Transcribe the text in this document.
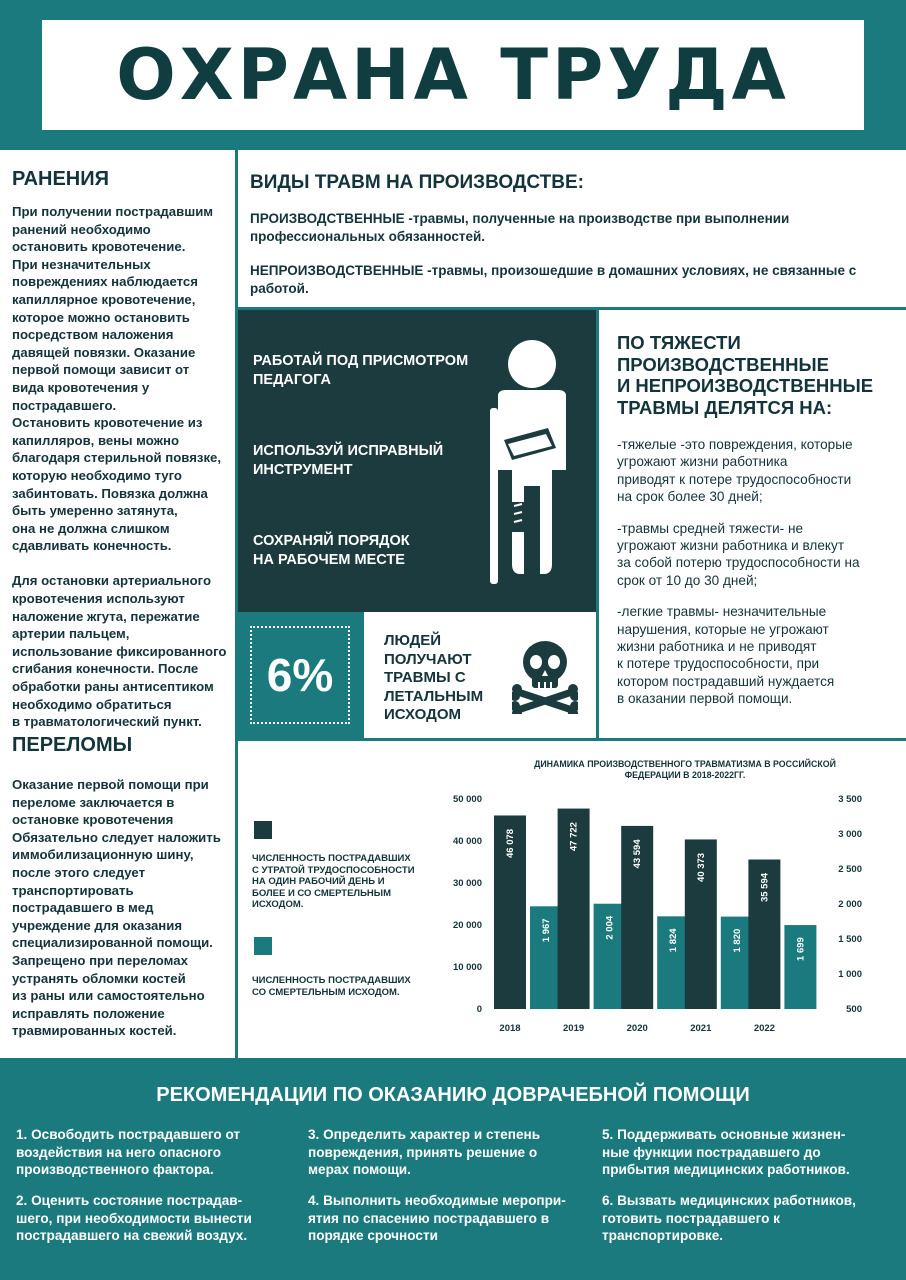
ОХРАНА ТРУДА
РАНЕНИЯ

При получении пострадавшим
ранений необходимо
остановить кровотечение.
При незначительных
повреждениях наблюдается
капиллярное кровотечение,
которое можно остановить
посредством наложения
давящей повязки. Оказание
первой помощи зависит от
вида кровотечения у
пострадавшего.
Остановить кровотечение из
капилляров, вены можно
благодаря стерильной повязке,
которую необходимо туго
забинтовать. Повязка должна
быть умеренно затянута,
она не должна слишком
сдавливать конечность.

Для остановки артериального
кровотечения используют
наложение жгута, пережатие
артерии пальцем,
использование фиксированного
сгибания конечности. После
обработки раны антисептиком
необходимо обратиться
в травматологический пункт.

ПЕРЕЛОМЫ

Оказание первой помощи при
переломе заключается в
остановке кровотечения
Обязательно следует наложить
иммобилизационную шину,
после этого следует
транспортировать
пострадавшего в мед
учреждение для оказания
специализированной помощи.
Запрещено при переломах
устранять обломки костей
из раны или самостоятельно
исправлять положение
травмированных костей.

ВИДЫ ТРАВМ НА ПРОИЗВОДСТВЕ:

ПРОИЗВОДСТВЕННЫЕ -травмы, полученные на производстве при выполнении профессиональных обязанностей.

НЕПРОИЗВОДСТВЕННЫЕ -травмы, произошедшие в домашних условиях, не связанные с работой.

РАБОТАЙ ПОД ПРИСМОТРОМ
ПЕДАГОГА
ИСПОЛЬЗУЙ ИСПРАВНЫЙ
ИНСТРУМЕНТ
СОХРАНЯЙ ПОРЯДОК
НА РАБОЧЕМ МЕСТЕ
6%
ЛЮДЕЙ
ПОЛУЧАЮТ
ТРАВМЫ С
ЛЕТАЛЬНЫМ
ИСХОДОМ
ПО ТЯЖЕСТИ
ПРОИЗВОДСТВЕННЫЕ
И НЕПРОИЗВОДСТВЕННЫЕ
ТРАВМЫ ДЕЛЯТСЯ НА:

-тяжелые -это повреждения, которые
угрожают жизни работника
приводят к потере трудоспособности
на срок более 30 дней;

-травмы средней тяжести- не
угрожают жизни работника и влекут
за собой потерю трудоспособности на
срок от 10 до 30 дней;

-легкие травмы- незначительные
нарушения, которые не угрожают
жизни работника и не приводят
к потере трудоспособности, при
котором пострадавший нуждается
в оказании первой помощи.

ЧИСЛЕННОСТЬ ПОСТРАДАВШИХ
С УТРАТОЙ ТРУДОСПОСОБНОСТИ
НА ОДИН РАБОЧИЙ ДЕНЬ И
БОЛЕЕ И СО СМЕРТЕЛЬНЫМ
ИСХОДОМ.
ЧИСЛЕННОСТЬ ПОСТРАДАВШИХ
СО СМЕРТЕЛЬНЫМ ИСХОДОМ.
ДИНАМИКА ПРОИЗВОДСТВЕННОГО ТРАВМАТИЗМА В РОССИЙСКОЙ
ФЕДЕРАЦИИ В 2018-2022ГГ.
0
10 000
20 000
30 000
40 000
50 000
500
1 000
1 500
2 000
2 500
3 000
3 500
46 078
1 967
2018
47 722
2 004
2019
43 594
1 824
2020
40 373
1 820
2021
35 594
1 699
2022
РЕКОМЕНДАЦИИ ПО ОКАЗАНИЮ ДОВРАЧЕБНОЙ ПОМОЩИ
1. Освободить пострадавшего от
воздействия на него опасного
производственного фактора.
2. Оценить состояние пострадав-
шего, при необходимости вынести
пострадавшего на свежий воздух.
3. Определить характер и степень
повреждения, принять решение о
мерах помощи.
4. Выполнить необходимые меропри-
ятия по спасению пострадавшего в
порядке срочности
5. Поддерживать основные жизнен-
ные функции пострадавшего до
прибытия медицинских работников.
6. Вызвать медицинских работников,
готовить пострадавшего к
транспортировке.
